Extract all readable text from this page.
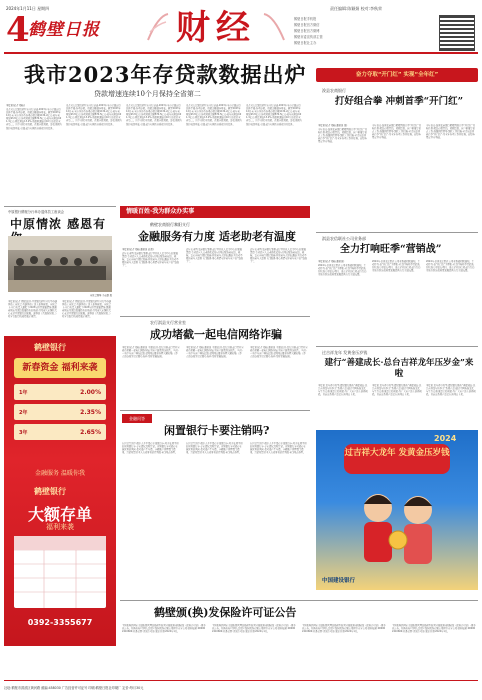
2024年1月11日 星期四
4
鹤壁日报 财经	责任编辑:陈颖娟 校对:李秋荣
鹤壁日报手机报
鹤壁日报官方微信
鹤壁日报官方微博
鹤壁市委宣传部主管
鹤壁日报社主办
我市2023年存贷款数据出炉
贷款增速连续10个月保持全省第二
本报讯(记者 郑楠)
记者从人民银行鹤壁市分行获悉,2023年全市金融运行总体平稳,各项存款、贷款余额稳步增长。截至2023年12月末,全市本外币各项存款余额1134.2亿元,较年初增加93.8亿元;各项贷款余额870.5亿元,较年初增加101.3亿元,同比增长13.2%,贷款增速连续10个月保持全省第二。其中,制造业贷款、普惠小微贷款、涉农贷款均保持较快增长,金融支持实体经济质效持续提升。
记者从人民银行鹤壁市分行获悉,2023年全市金融运行总体平稳,各项存款、贷款余额稳步增长。截至2023年12月末,全市本外币各项存款余额1134.2亿元,较年初增加93.8亿元;各项贷款余额870.5亿元,较年初增加101.3亿元,同比增长13.2%,贷款增速连续10个月保持全省第二。其中,制造业贷款、普惠小微贷款、涉农贷款均保持较快增长,金融支持实体经济质效持续提升。
记者从人民银行鹤壁市分行获悉,2023年全市金融运行总体平稳,各项存款、贷款余额稳步增长。截至2023年12月末,全市本外币各项存款余额1134.2亿元,较年初增加93.8亿元;各项贷款余额870.5亿元,较年初增加101.3亿元,同比增长13.2%,贷款增速连续10个月保持全省第二。其中,制造业贷款、普惠小微贷款、涉农贷款均保持较快增长,金融支持实体经济质效持续提升。
记者从人民银行鹤壁市分行获悉,2023年全市金融运行总体平稳,各项存款、贷款余额稳步增长。截至2023年12月末,全市本外币各项存款余额1134.2亿元,较年初增加93.8亿元;各项贷款余额870.5亿元,较年初增加101.3亿元,同比增长13.2%,贷款增速连续10个月保持全省第二。其中,制造业贷款、普惠小微贷款、涉农贷款均保持较快增长,金融支持实体经济质效持续提升。
记者从人民银行鹤壁市分行获悉,2023年全市金融运行总体平稳,各项存款、贷款余额稳步增长。截至2023年12月末,全市本外币各项存款余额1134.2亿元,较年初增加93.8亿元;各项贷款余额870.5亿元,较年初增加101.3亿元,同比增长13.2%,贷款增速连续10个月保持全省第二。其中,制造业贷款、普惠小微贷款、涉农贷款均保持较快增长,金融支持实体经济质效持续提升。
中原银行鹤壁分行举办退休员工座谈会
中原情浓 感恩有
座谈会现场 李志勤 摄
本报讯(记者 郭斌)近日,中原银行鹤壁分行举办退休员工座谈会,为退休员工送上新春祝福。座谈会上,分行负责人通报了2023年经营发展情况,感谢老同志为银行发展作出的贡献,并希望大家继续关心支持中原银行的发展。退休员工代表纷纷发言,对分行取得的成绩表示祝贺。
本报讯(记者 郭斌)近日,中原银行鹤壁分行举办退休员工座谈会,为退休员工送上新春祝福。座谈会上,分行负责人通报了2023年经营发展情况,感谢老同志为银行发展作出的贡献,并希望大家继续关心支持中原银行的发展。退休员工代表纷纷发言,对分行取得的成绩表示祝贺。
鹤壁银行
新春资金 福利来袭
1年	2.00%
2年	2.35%
3年	2.65%
金融服务 温暖你我
鹤壁银行
大额存单
福利来袭
0392-3355677
情暖百姓·我为群众办实事
鹤壁农商银行黎阳支行
金融服务有力度 适老助老有温度
本报讯(记者 郑楠 通讯员 赵燕)
近年来,鹤壁农商银行黎阳支行坚持以人民为中心的发展思想,主动适应人口老龄化趋势,在网点配备老花镜、轮椅、爱心座椅等便民设施,开设老年人绿色通道,为行动不便的老年人提供上门服务,用心用情守护老年客户的“钱袋子”。
近年来,鹤壁农商银行黎阳支行坚持以人民为中心的发展思想,主动适应人口老龄化趋势,在网点配备老花镜、轮椅、爱心座椅等便民设施,开设老年人绿色通道,为行动不便的老年人提供上门服务,用心用情守护老年客户的“钱袋子”。
近年来,鹤壁农商银行黎阳支行坚持以人民为中心的发展思想,主动适应人口老龄化趋势,在网点配备老花镜、轮椅、爱心座椅等便民设施,开设老年人绿色通道,为行动不便的老年人提供上门服务,用心用情守护老年客户的“钱袋子”。
农行淇县支行营业室
成功堵截一起电信网络诈骗
本报讯(记者 郑楠 通讯员 王丽)近日,农行淇县支行营业室成功堵截一起电信网络诈骗,为客户避免经济损失。当日,一名中年客户神色慌张来到网点要求办理大额转账,工作人员察觉异常后耐心询问,及时识破骗局。
本报讯(记者 郑楠 通讯员 王丽)近日,农行淇县支行营业室成功堵截一起电信网络诈骗,为客户避免经济损失。当日,一名中年客户神色慌张来到网点要求办理大额转账,工作人员察觉异常后耐心询问,及时识破骗局。
本报讯(记者 郑楠 通讯员 王丽)近日,农行淇县支行营业室成功堵截一起电信网络诈骗,为客户避免经济损失。当日,一名中年客户神色慌张来到网点要求办理大额转账,工作人员察觉异常后耐心询问,及时识破骗局。
金融问答
闲置银行卡要注销吗?
在日常生活中,很多人手中都有多张银行卡,对于长期不用的闲置银行卡,专家建议及时注销。闲置银行卡可能存在被冒用的风险,也可能产生年费、小额账户管理费等费用。注销时需持本人有效身份证件到发卡行网点办理。
在日常生活中,很多人手中都有多张银行卡,对于长期不用的闲置银行卡,专家建议及时注销。闲置银行卡可能存在被冒用的风险,也可能产生年费、小额账户管理费等费用。注销时需持本人有效身份证件到发卡行网点办理。
在日常生活中,很多人手中都有多张银行卡,对于长期不用的闲置银行卡,专家建议及时注销。闲置银行卡可能存在被冒用的风险,也可能产生年费、小额账户管理费等费用。注销时需持本人有效身份证件到发卡行网点办理。
奋力夺取“开门红” 实现“全年红”
浚县农商银行
打好组合拳 冲刺首季“开门红”
本报讯(记者 郑楠 通讯员 张)
今年以来,浚县农商银行紧紧围绕首季“开门红”目标任务,聚焦存款营销、贷款投放、客户拓展等重点工作,加强组织领导,细化工作措施,全力以赴冲刺首季“开门红”,为全年各项工作开好局、起好步奠定坚实基础。
今年以来,浚县农商银行紧紧围绕首季“开门红”目标任务,聚焦存款营销、贷款投放、客户拓展等重点工作,加强组织领导,细化工作措施,全力以赴冲刺首季“开门红”,为全年各项工作开好局、起好步奠定坚实基础。
今年以来,浚县农商银行紧紧围绕首季“开门红”目标任务,聚焦存款营销、贷款投放、客户拓展等重点工作,加强组织领导,细化工作措施,全力以赴冲刺首季“开门红”,为全年各项工作开好局、起好步奠定坚实基础。
淇县农信联社公司业务部
全力打响旺季“营销战”
本报讯(记者 郑楠 通讯员)
2024年,淇县农信联社公司业务部积极谋划、主动作为,以“开门红”为契机,全力打响旺季营销战,持续加大对重点项目、重点企业的信贷支持力度,为地方经济高质量发展提供有力金融支撑。
2024年,淇县农信联社公司业务部积极谋划、主动作为,以“开门红”为契机,全力打响旺季营销战,持续加大对重点项目、重点企业的信贷支持力度,为地方经济高质量发展提供有力金融支撑。
2024年,淇县农信联社公司业务部积极谋划、主动作为,以“开门红”为契机,全力打响旺季营销战,持续加大对重点项目、重点企业的信贷支持力度,为地方经济高质量发展提供有力金融支撑。
过吉祥龙年 发黄金压岁钱
建行“善建成长·总台吉祥龙年压岁金”来啦
本报讯 龙年春节将至,建设银行推出“善建成长·总台吉祥龙年压岁金”系列产品,融合中国传统文化与生肖元素,寓意美好祝福,为广大客户送上新春祝福。目前该系列产品已在各网点上架。
本报讯 龙年春节将至,建设银行推出“善建成长·总台吉祥龙年压岁金”系列产品,融合中国传统文化与生肖元素,寓意美好祝福,为广大客户送上新春祝福。目前该系列产品已在各网点上架。
本报讯 龙年春节将至,建设银行推出“善建成长·总台吉祥龙年压岁金”系列产品,融合中国传统文化与生肖元素,寓意美好祝福,为广大客户送上新春祝福。目前该系列产品已在各网点上架。
2024
过吉祥大龙年 发黄金压岁钱
中国建设银行
鹤壁颁(换)发保险许可证公告
下列机构经国家金融监督管理总局鹤壁监管分局批准,颁(换)发《保险许可证》,现予以公告。机构名称:中国人民财产保险股份有限公司鹤壁市分公司;机构编码:000002410600;业务范围:详见许可证;发证日期:2024年1月。
下列机构经国家金融监督管理总局鹤壁监管分局批准,颁(换)发《保险许可证》,现予以公告。机构名称:中国人民财产保险股份有限公司鹤壁市分公司;机构编码:000002410600;业务范围:详见许可证;发证日期:2024年1月。
下列机构经国家金融监督管理总局鹤壁监管分局批准,颁(换)发《保险许可证》,现予以公告。机构名称:中国人民财产保险股份有限公司鹤壁市分公司;机构编码:000002410600;业务范围:详见许可证;发证日期:2024年1月。
下列机构经国家金融监督管理总局鹤壁监管分局批准,颁(换)发《保险许可证》,现予以公告。机构名称:中国人民财产保险股份有限公司鹤壁市分公司;机构编码:000002410600;业务范围:详见许可证;发证日期:2024年1月。
社址:鹤壁市淇滨区黄河路 邮编:458030 广告经营许可证号 印刷:鹤壁日报社印刷厂 定价:每月30元
